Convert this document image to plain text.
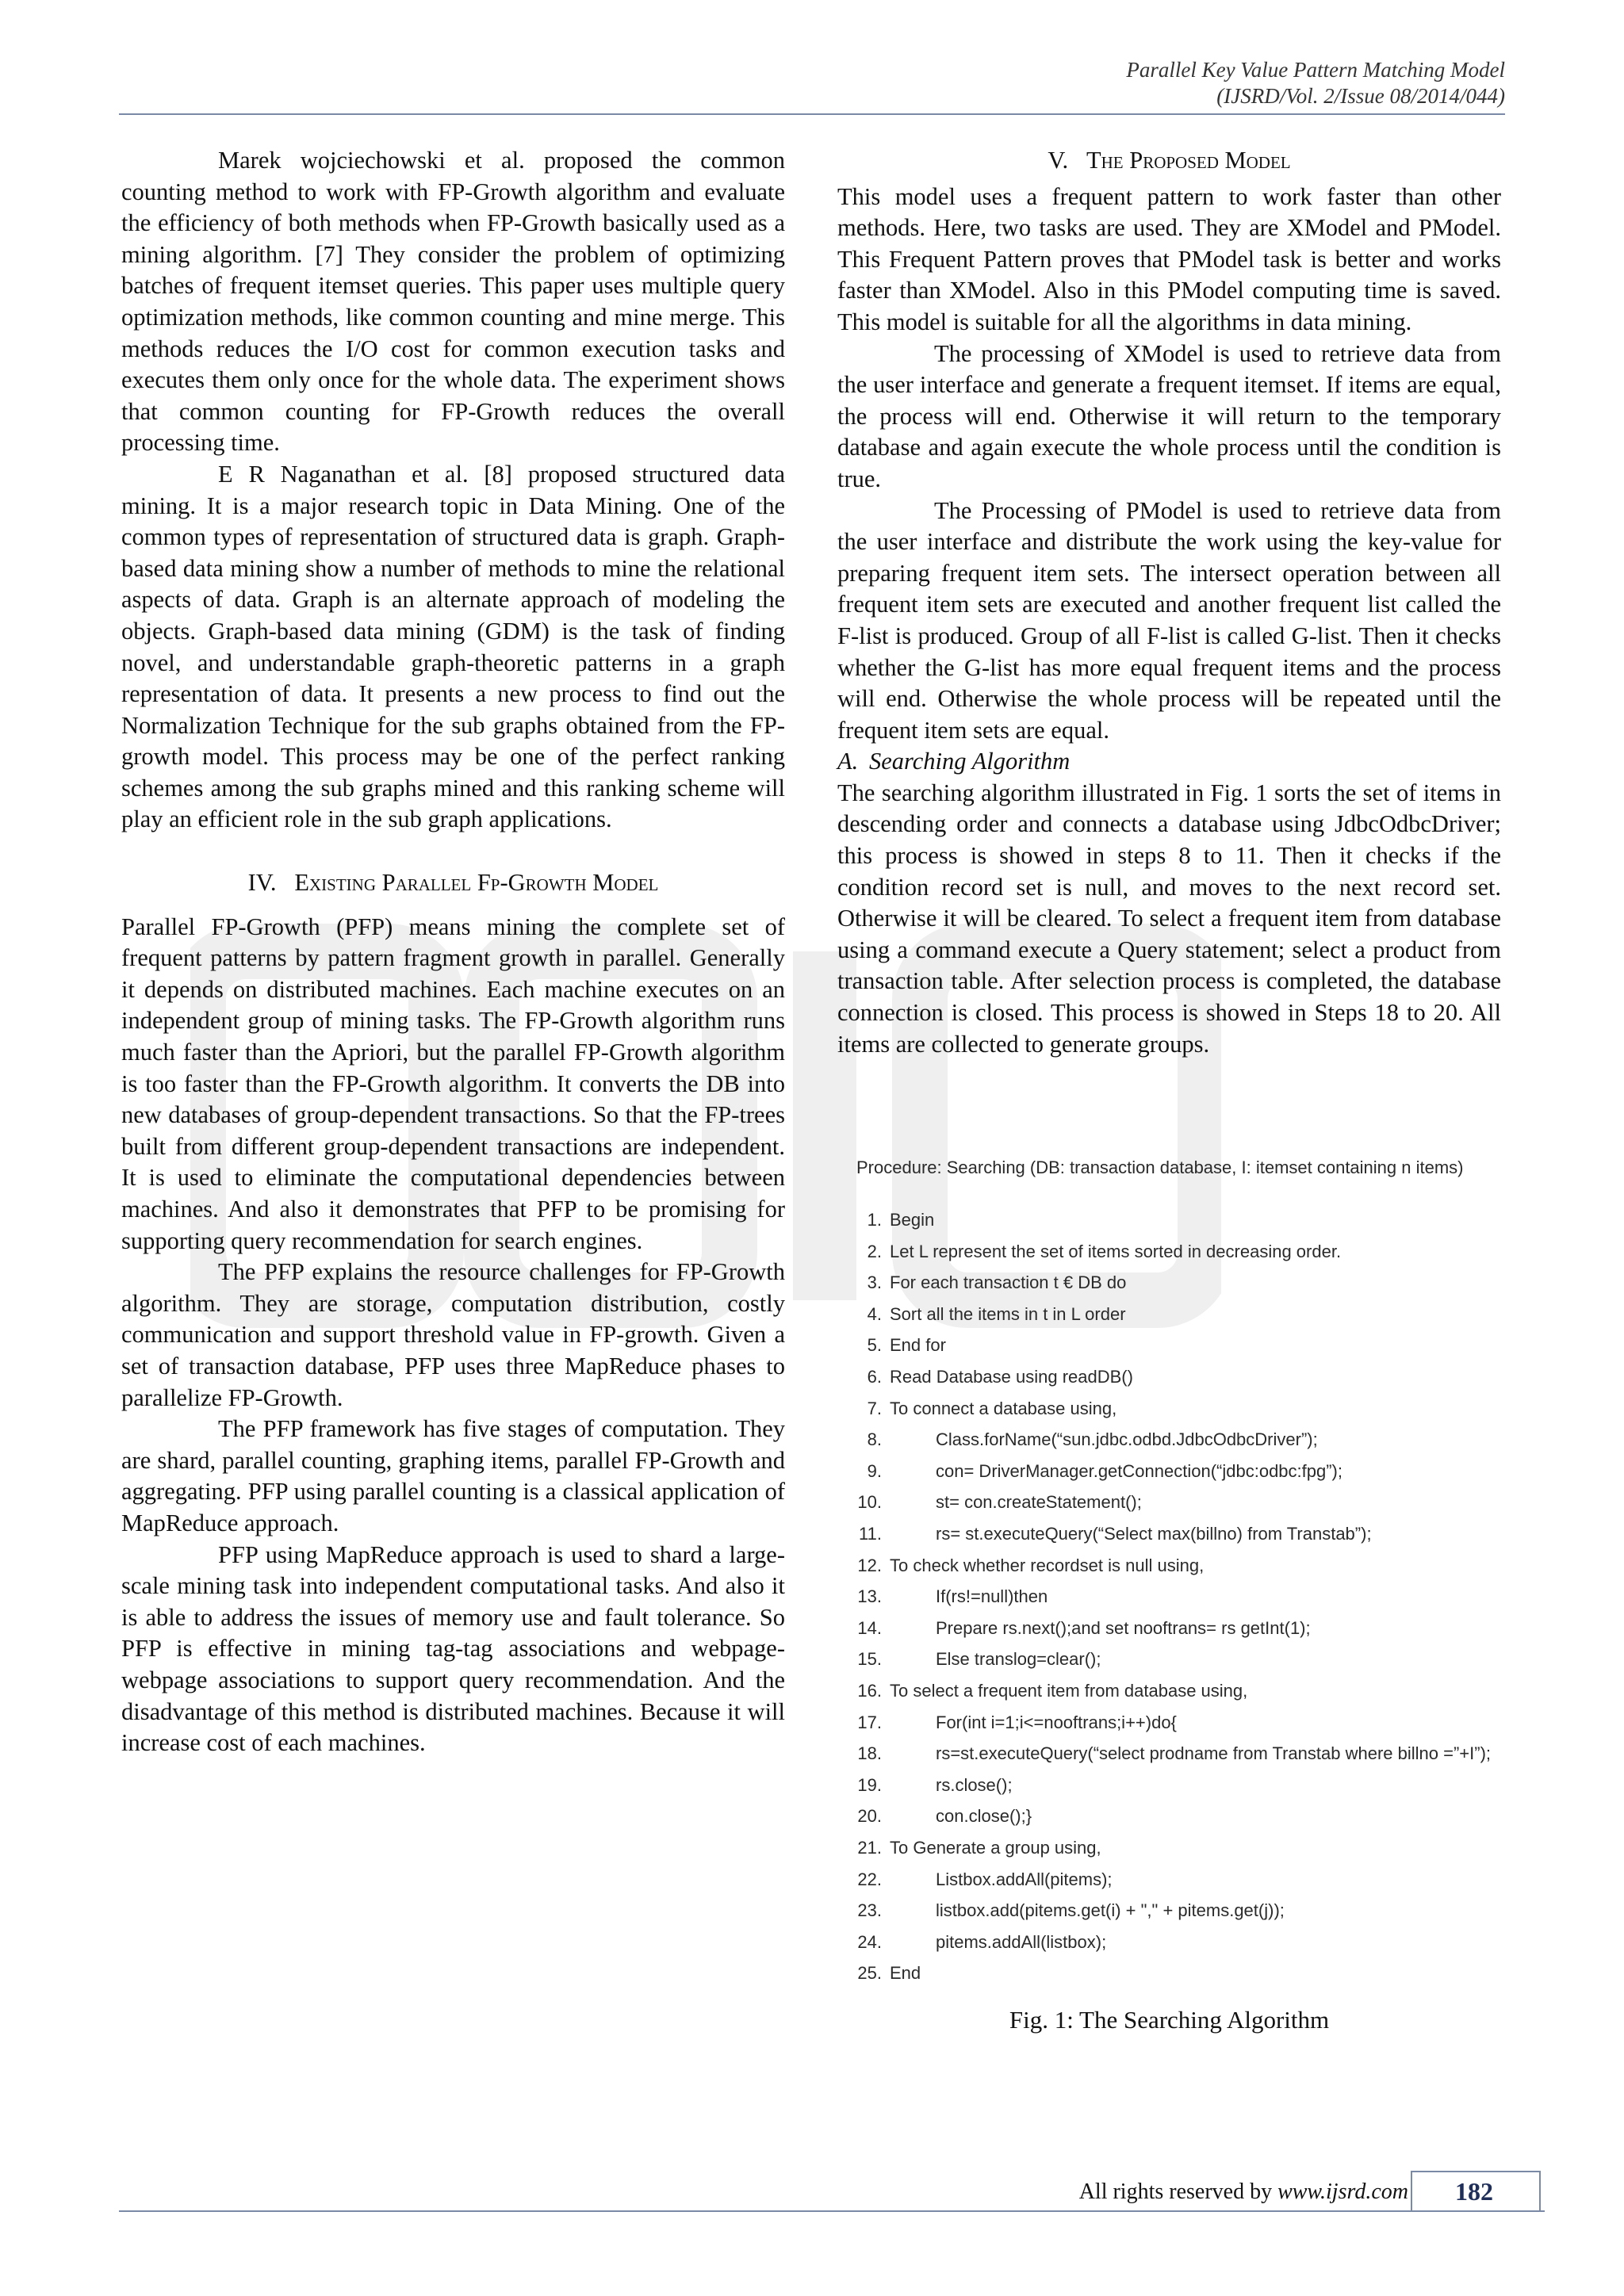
Parallel Key Value Pattern Matching Model
(IJSRD/Vol. 2/Issue 08/2014/044)

Marek wojciechowski et al. proposed the common counting method to work with FP-Growth algorithm and evaluate the efficiency of both methods when FP-Growth basically used as a mining algorithm. [7] They consider the problem of optimizing batches of frequent itemset queries. This paper uses multiple query optimization methods, like common counting and mine merge. This methods reduces the I/O cost for common execution tasks and executes them only once for the whole data. The experiment shows that common counting for FP-Growth reduces the overall processing time.

E R Naganathan et al. [8] proposed structured data mining. It is a major research topic in Data Mining. One of the common types of representation of structured data is graph. Graph-based data mining show a number of methods to mine the relational aspects of data. Graph is an alternate approach of modeling the objects. Graph-based data mining (GDM) is the task of finding novel, and understandable graph-theoretic patterns in a graph representation of data. It presents a new process to find out the Normalization Technique for the sub graphs obtained from the FP-growth model. This process may be one of the perfect ranking schemes among the sub graphs mined and this ranking scheme will play an efficient role in the sub graph applications.

IV. Existing Parallel Fp-Growth Model

Parallel FP-Growth (PFP) means mining the complete set of frequent patterns by pattern fragment growth in parallel. Generally it depends on distributed machines. Each machine executes on an independent group of mining tasks. The FP-Growth algorithm runs much faster than the Apriori, but the parallel FP-Growth algorithm is too faster than the FP-Growth algorithm. It converts the DB into new databases of group-dependent transactions. So that the FP-trees built from different group-dependent transactions are independent. It is used to eliminate the computational dependencies between machines. And also it demonstrates that PFP to be promising for supporting query recommendation for search engines.

The PFP explains the resource challenges for FP-Growth algorithm. They are storage, computation distribution, costly communication and support threshold value in FP-growth. Given a set of transaction database, PFP uses three MapReduce phases to parallelize FP-Growth.

The PFP framework has five stages of computation. They are shard, parallel counting, graphing items, parallel FP-Growth and aggregating. PFP using parallel counting is a classical application of MapReduce approach.

PFP using MapReduce approach is used to shard a large-scale mining task into independent computational tasks. And also it is able to address the issues of memory use and fault tolerance. So PFP is effective in mining tag-tag associations and webpage-webpage associations to support query recommendation. And the disadvantage of this method is distributed machines. Because it will increase cost of each machines.

V. The Proposed Model

This model uses a frequent pattern to work faster than other methods. Here, two tasks are used. They are XModel and PModel. This Frequent Pattern proves that PModel task is better and works faster than XModel. Also in this PModel computing time is saved. This model is suitable for all the algorithms in data mining.

The processing of XModel is used to retrieve data from the user interface and generate a frequent itemset. If items are equal, the process will end. Otherwise it will return to the temporary database and again execute the whole process until the condition is true.

The Processing of PModel is used to retrieve data from the user interface and distribute the work using the key-value for preparing frequent item sets. The intersect operation between all frequent item sets are executed and another frequent list called the F-list is produced. Group of all F-list is called G-list. Then it checks whether the G-list has more equal frequent items and the process will end. Otherwise the whole process will be repeated until the frequent item sets are equal.

A. Searching Algorithm

The searching algorithm illustrated in Fig. 1 sorts the set of items in descending order and connects a database using JdbcOdbcDriver; this process is showed in steps 8 to 11. Then it checks if the condition record set is null, and moves to the next record set. Otherwise it will be cleared. To select a frequent item from database using a command execute a Query statement; select a product from transaction table. After selection process is completed, the database connection is closed. This process is showed in Steps 18 to 20. All items are collected to generate groups.

Procedure: Searching (DB: transaction database, I: itemset containing n items)
1. Begin
2. Let L represent the set of items sorted in decreasing order.
3. For each transaction t € DB do
4. Sort all the items in t in L order
5. End for
6. Read Database using readDB()
7. To connect a database using,
8.	Class.forName(“sun.jdbc.odbd.JdbcOdbcDriver”);
9.	con= DriverManager.getConnection(“jdbc:odbc:fpg”);
10.	st= con.createStatement();
11.	rs= st.executeQuery(“Select max(billno) from Transtab”);
12. To check whether recordset is null using,
13.	If(rs!=null)then
14.	Prepare rs.next();and set nooftrans= rs getInt(1);
15.	Else translog=clear();
16. To select a frequent item from database using,
17.	For(int i=1;i<=nooftrans;i++)do{
18.	rs=st.executeQuery(“select prodname from Transtab where billno =”+I”);
19.	rs.close();
20.	con.close();}
21. To Generate a group using,
22.	Listbox.addAll(pitems);
23.	listbox.add(pitems.get(i) + "," + pitems.get(j));
24.	pitems.addAll(listbox);
25. End
Fig. 1: The Searching Algorithm
All rights reserved by www.ijsrd.com	182
